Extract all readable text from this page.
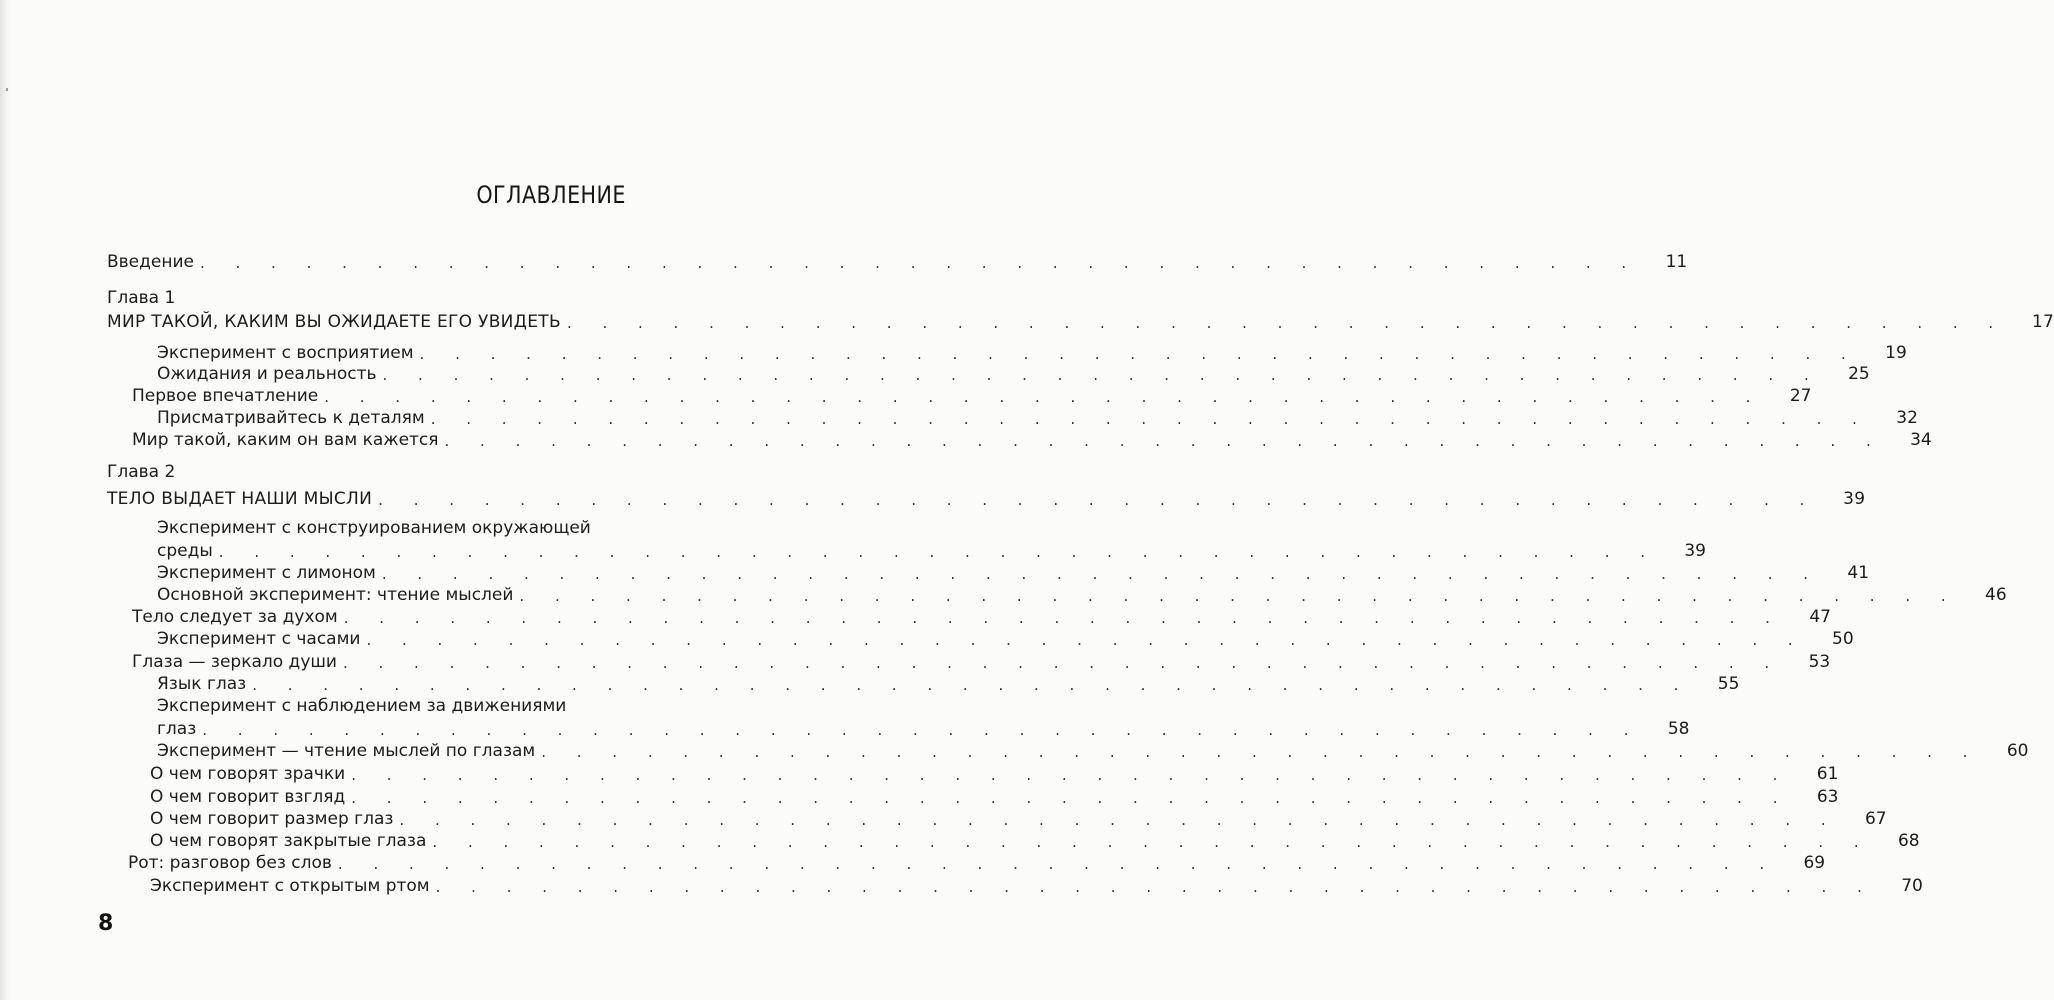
ОГЛАВЛЕНИЕ
Введение . . . . . . . . . . . . . . . . . . . . . . . . . . . . . . . . . . . . . . . . .	11
Глава 1
МИР ТАКОЙ, КАКИМ ВЫ ОЖИДАЕТЕ ЕГО УВИДЕТЬ . . . . . . . . . . . . . . . . . . . . . . . . . . . . . . . . . . . . . . . . .	17
Эксперимент с восприятием . . . . . . . . . . . . . . . . . . . . . . . . . . . . . . . . . . . . . . . . .	19
Ожидания и реальность . . . . . . . . . . . . . . . . . . . . . . . . . . . . . . . . . . . . . . . . .	25
Первое впечатление . . . . . . . . . . . . . . . . . . . . . . . . . . . . . . . . . . . . . . . . .	27
Присматривайтесь к деталям . . . . . . . . . . . . . . . . . . . . . . . . . . . . . . . . . . . . . . . . .	32
Мир такой, каким он вам кажется . . . . . . . . . . . . . . . . . . . . . . . . . . . . . . . . . . . . . . . . .	34
Глава 2
ТЕЛО ВЫДАЕТ НАШИ МЫСЛИ . . . . . . . . . . . . . . . . . . . . . . . . . . . . . . . . . . . . . . . . .	39
Эксперимент с конструированием окружающей
среды . . . . . . . . . . . . . . . . . . . . . . . . . . . . . . . . . . . . . . . . .	39
Эксперимент с лимоном . . . . . . . . . . . . . . . . . . . . . . . . . . . . . . . . . . . . . . . . .	41
Основной эксперимент: чтение мыслей . . . . . . . . . . . . . . . . . . . . . . . . . . . . . . . . . . . . . . . . .	46
Тело следует за духом . . . . . . . . . . . . . . . . . . . . . . . . . . . . . . . . . . . . . . . . .	47
Эксперимент с часами . . . . . . . . . . . . . . . . . . . . . . . . . . . . . . . . . . . . . . . . .	50
Глаза — зеркало души . . . . . . . . . . . . . . . . . . . . . . . . . . . . . . . . . . . . . . . . .	53
Язык глаз . . . . . . . . . . . . . . . . . . . . . . . . . . . . . . . . . . . . . . . . .	55
Эксперимент с наблюдением за движениями
глаз . . . . . . . . . . . . . . . . . . . . . . . . . . . . . . . . . . . . . . . . .	58
Эксперимент — чтение мыслей по глазам . . . . . . . . . . . . . . . . . . . . . . . . . . . . . . . . . . . . . . . . .	60
О чем говорят зрачки . . . . . . . . . . . . . . . . . . . . . . . . . . . . . . . . . . . . . . . . .	61
О чем говорит взгляд . . . . . . . . . . . . . . . . . . . . . . . . . . . . . . . . . . . . . . . . .	63
О чем говорит размер глаз . . . . . . . . . . . . . . . . . . . . . . . . . . . . . . . . . . . . . . . . .	67
О чем говорят закрытые глаза . . . . . . . . . . . . . . . . . . . . . . . . . . . . . . . . . . . . . . . . .	68
Рот: разговор без слов . . . . . . . . . . . . . . . . . . . . . . . . . . . . . . . . . . . . . . . . .	69
Эксперимент с открытым ртом . . . . . . . . . . . . . . . . . . . . . . . . . . . . . . . . . . . . . . . . .	70
8
